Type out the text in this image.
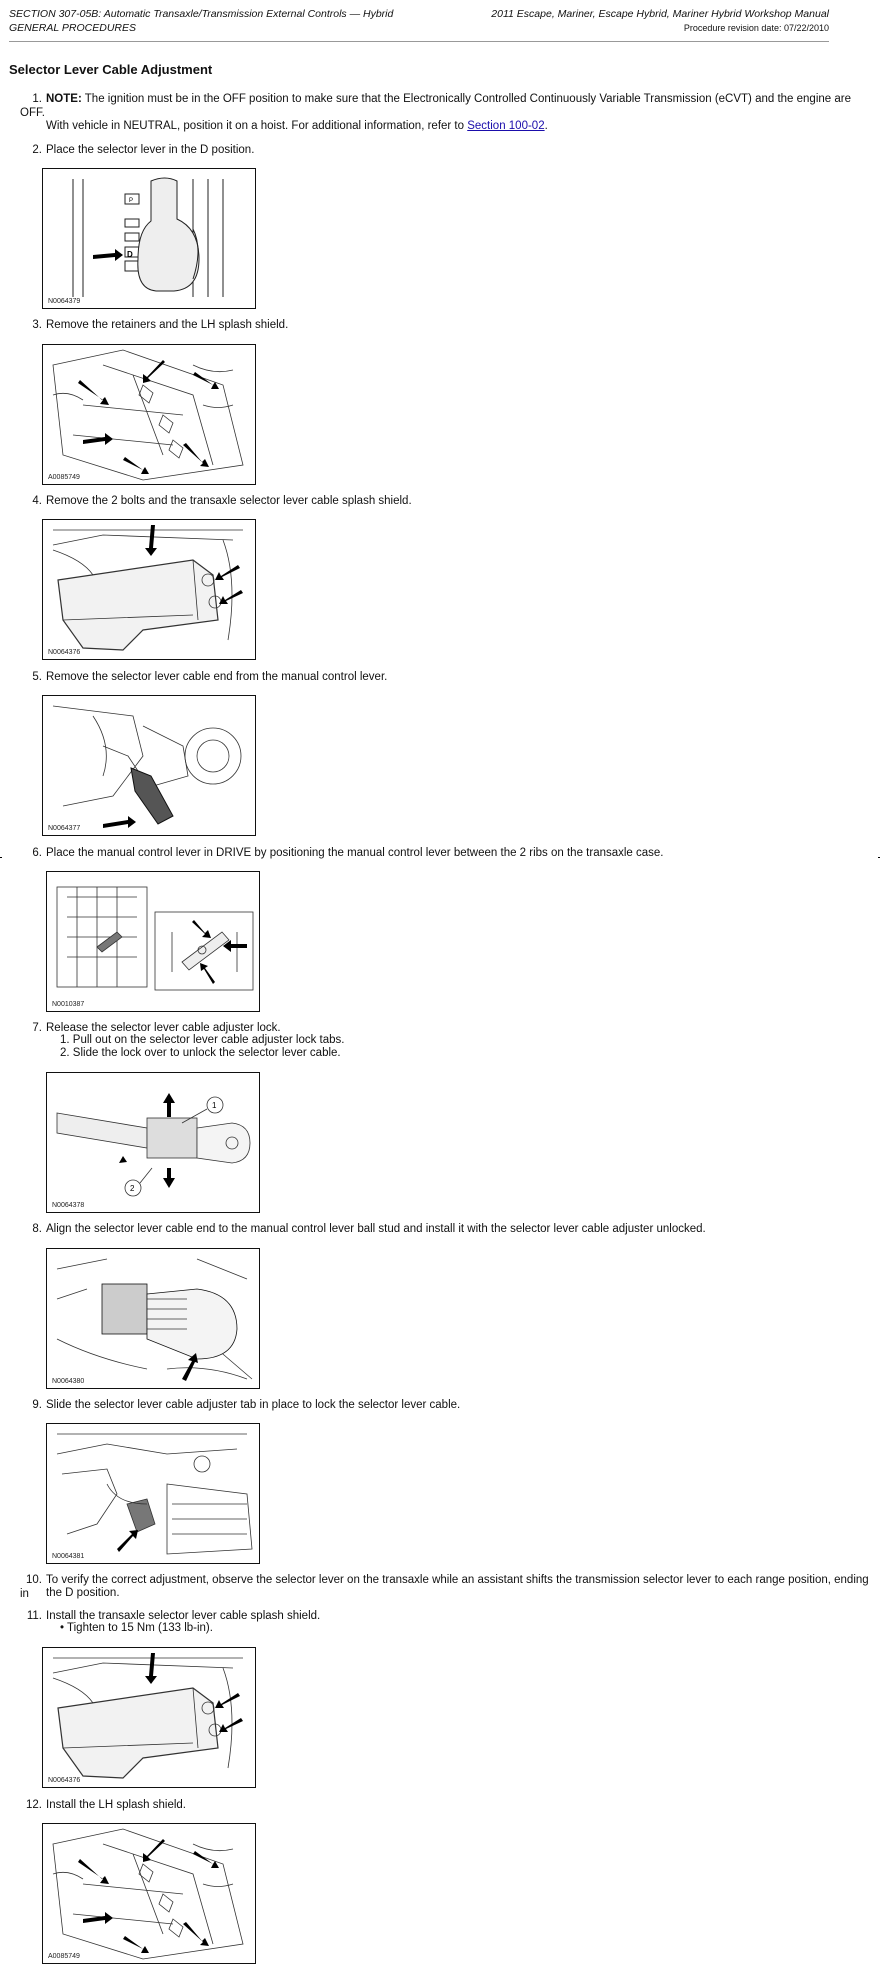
SECTION 307-05B: Automatic Transaxle/Transmission External Controls — Hybrid
GENERAL PROCEDURES
2011 Escape, Mariner, Escape Hybrid, Mariner Hybrid Workshop Manual
Procedure revision date: 07/22/2010
Selector Lever Cable Adjustment
1. NOTE: The ignition must be in the OFF position to make sure that the Electronically Controlled Continuously Variable Transmission (eCVT) and the engine are OFF.
With vehicle in NEUTRAL, position it on a hoist. For additional information, refer to Section 100-02.
2. Place the selector lever in the D position.
P
D
N0064379
3. Remove the retainers and the LH splash shield.
A0085749
4. Remove the 2 bolts and the transaxle selector lever cable splash shield.
N0064376
5. Remove the selector lever cable end from the manual control lever.
N0064377
6. Place the manual control lever in DRIVE by positioning the manual control lever between the 2 ribs on the transaxle case.
N0010387
7. Release the selector lever cable adjuster lock.
1. Pull out on the selector lever cable adjuster lock tabs.
2. Slide the lock over to unlock the selector lever cable.
1
2
N0064378
8. Align the selector lever cable end to the manual control lever ball stud and install it with the selector lever cable adjuster unlocked.
N0064380
9. Slide the selector lever cable adjuster tab in place to lock the selector lever cable.
N0064381
10. To verify the correct adjustment, observe the selector lever on the transaxle while an assistant shifts the transmission selector lever to each range position, ending in	the D position.
11. Install the transaxle selector lever cable splash shield.
• Tighten to 15 Nm (133 lb-in).
N0064376
12. Install the LH splash shield.
A0085749
